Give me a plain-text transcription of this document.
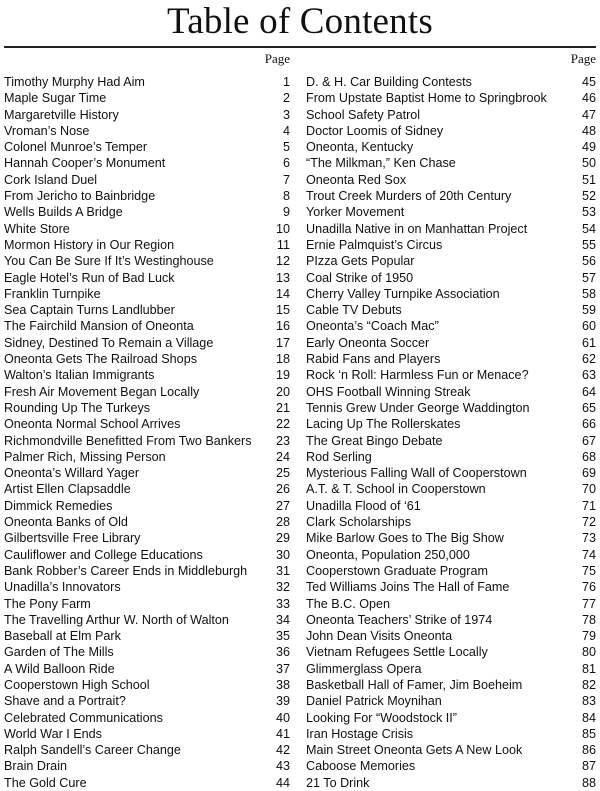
Table of Contents
Page
Timothy Murphy Had Aim	1
Maple Sugar Time	2
Margaretville History	3
Vroman’s Nose	4
Colonel Munroe’s Temper	5
Hannah Cooper’s Monument	6
Cork Island Duel	7
From Jericho to Bainbridge	8
Wells Builds A Bridge	9
White Store	10
Mormon History in Our Region	11
You Can Be Sure If It’s Westinghouse	12
Eagle Hotel’s Run of Bad Luck	13
Franklin Turnpike	14
Sea Captain Turns Landlubber	15
The Fairchild Mansion of Oneonta	16
Sidney, Destined To Remain a Village	17
Oneonta Gets The Railroad Shops	18
Walton’s Italian Immigrants	19
Fresh Air Movement Began Locally	20
Rounding Up The Turkeys	21
Oneonta Normal School Arrives	22
Richmondville Benefitted From Two Bankers 23
Palmer Rich, Missing Person	24
Oneonta’s Willard Yager	25
Artist Ellen Clapsaddle	26
Dimmick Remedies	27
Oneonta Banks of Old	28
Gilbertsville Free Library	29
Cauliflower and College Educations	30
Bank Robber’s Career Ends in Middleburgh 31
Unadilla’s Innovators	32
The Pony Farm	33
The Travelling Arthur W. North of Walton	34
Baseball at Elm Park	35
Garden of The Mills	36
A Wild Balloon Ride	37
Cooperstown High School	38
Shave and a Portrait?	39
Celebrated Communications	40
World War I Ends	41
Ralph Sandell’s Career Change	42
Brain Drain	43
The Gold Cure	44
Page
D. & H. Car Building Contests	45
From Upstate Baptist Home to Springbrook	46
School Safety Patrol	47
Doctor Loomis of Sidney	48
Oneonta, Kentucky	49
“The Milkman,” Ken Chase	50
Oneonta Red Sox	51
Trout Creek Murders of 20th Century	52
Yorker Movement	53
Unadilla Native in on Manhattan Project	54
Ernie Palmquist’s Circus	55
PIzza Gets Popular	56
Coal Strike of 1950	57
Cherry Valley Turnpike Association	58
Cable TV Debuts	59
Oneonta’s “Coach Mac”	60
Early Oneonta Soccer	61
Rabid Fans and Players	62
Rock ‘n Roll: Harmless Fun or Menace?	63
OHS Football Winning Streak	64
Tennis Grew Under George Waddington	65
Lacing Up The Rollerskates	66
The Great Bingo Debate	67
Rod Serling	68
Mysterious Falling Wall of Cooperstown	69
A.T. & T. School in Cooperstown	70
Unadilla Flood of ‘61	71
Clark Scholarships	72
Mike Barlow Goes to The Big Show	73
Oneonta, Population 250,000	74
Cooperstown Graduate Program	75
Ted Williams Joins The Hall of Fame	76
The B.C. Open	77
Oneonta Teachers’ Strike of 1974	78
John Dean Visits Oneonta	79
Vietnam Refugees Settle Locally	80
Glimmerglass Opera	81
Basketball Hall of Famer, Jim Boeheim	82
Daniel Patrick Moynihan	83
Looking For “Woodstock II”	84
Iran Hostage Crisis	85
Main Street Oneonta Gets A New Look	86
Caboose Memories	87
21 To Drink	88
